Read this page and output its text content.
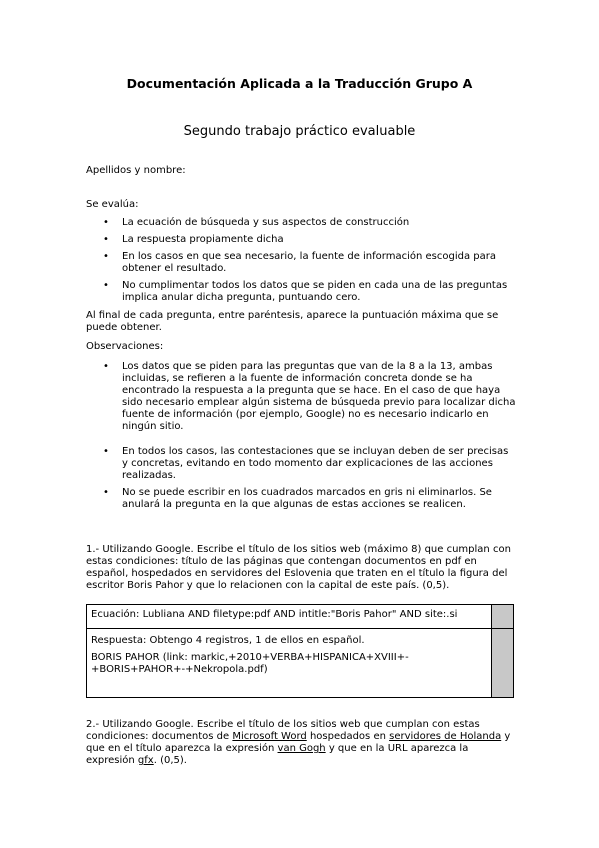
Documentación Aplicada a la Traducción Grupo A
Segundo trabajo práctico evaluable
Apellidos y nombre:
Se evalúa:
• La ecuación de búsqueda y sus aspectos de construcción
• La respuesta propiamente dicha
• En los casos en que sea necesario, la fuente de información escogida para obtener el resultado.
• No cumplimentar todos los datos que se piden en cada una de las preguntas implica anular dicha pregunta, puntuando cero.
Al final de cada pregunta, entre paréntesis, aparece la puntuación máxima que se puede obtener.
Observaciones:
• Los datos que se piden para las preguntas que van de la 8 a la 13, ambas incluidas, se refieren a la fuente de información concreta donde se ha encontrado la respuesta a la pregunta que se hace. En el caso de que haya sido necesario emplear algún sistema de búsqueda previo para localizar dicha fuente de información (por ejemplo, Google) no es necesario indicarlo en ningún sitio.
• En todos los casos, las contestaciones que se incluyan deben de ser precisas y concretas, evitando en todo momento dar explicaciones de las acciones realizadas.
• No se puede escribir en los cuadrados marcados en gris ni eliminarlos. Se anulará la pregunta en la que algunas de estas acciones se realicen.
1.- Utilizando Google. Escribe el título de los sitios web (máximo 8) que cumplan con estas condiciones: título de las páginas que contengan documentos en pdf en español, hospedados en servidores del Eslovenia que traten en el título la figura del escritor Boris Pahor y que lo relacionen con la capital de este país. (0,5).
Ecuación: Lubliana AND filetype:pdf AND intitle:"Boris Pahor" AND site:.si
Respuesta: Obtengo 4 registros, 1 de ellos en español.
BORIS PAHOR (link: markic,+2010+VERBA+HISPANICA+XVIII+-+BORIS+PAHOR+-+Nekropola.pdf)
2.- Utilizando Google. Escribe el título de los sitios web que cumplan con estas condiciones: documentos de Microsoft Word hospedados en servidores de Holanda y que en el título aparezca la expresión van Gogh y que en la URL aparezca la expresión gfx. (0,5).
